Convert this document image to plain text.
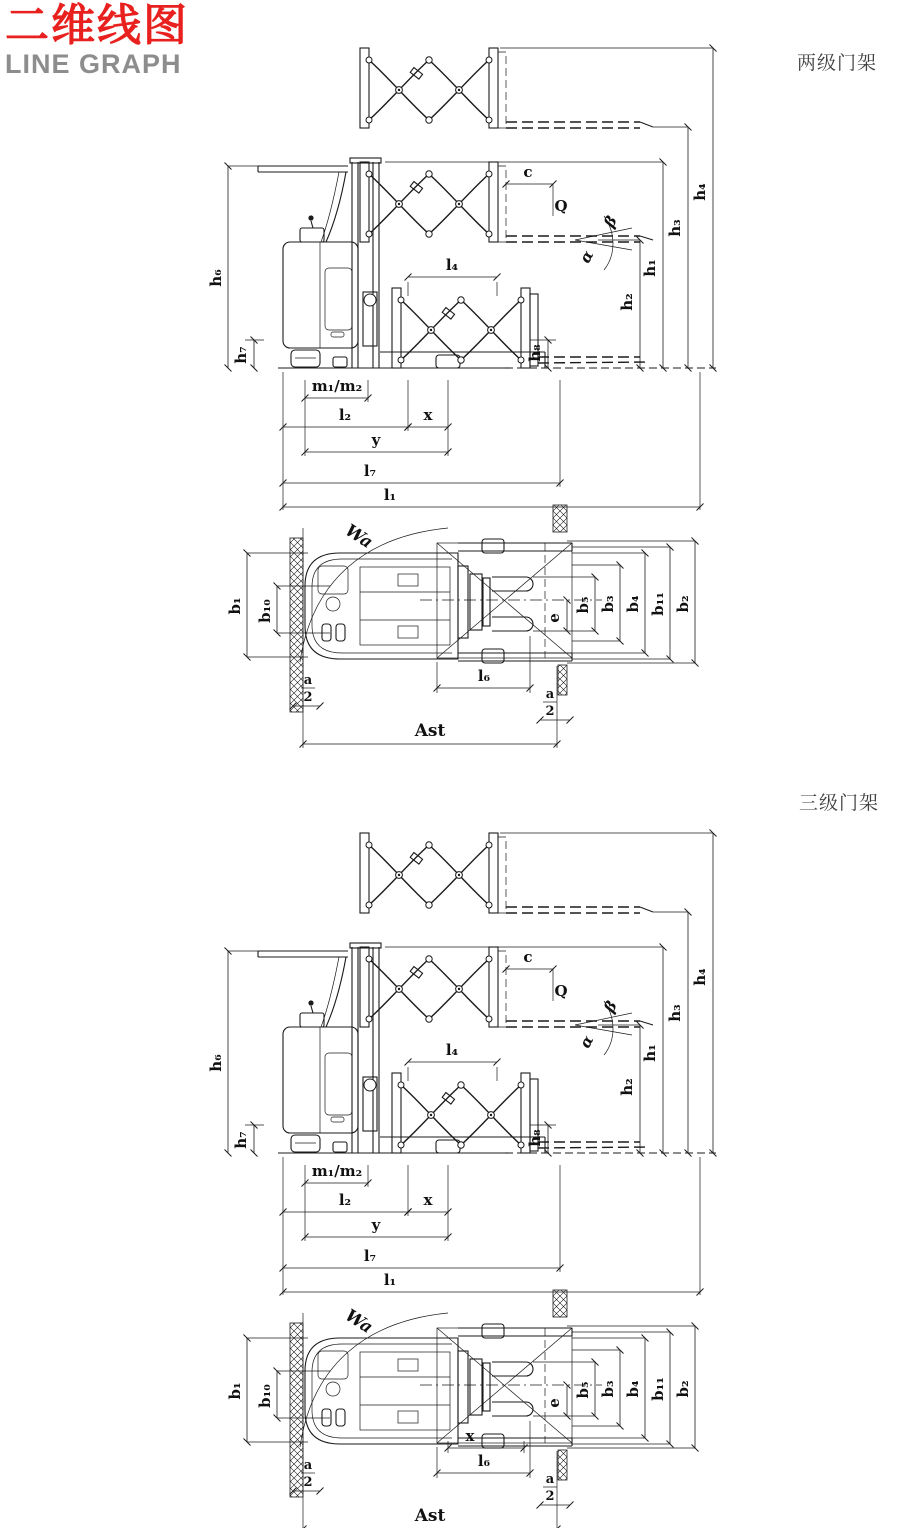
二维线图
LINE GRAPH	两级门架
三级门架
β
α
c
Q
l₄
h₈
h₆
h₇
h₂
h₁
h₃
h₄
m₁/m₂
l₂	x
y
l₇
l₁
Wa
b₁ b₁₀	e
b₅ b₃ b₄ b₁₁ b₂
l₆
a
2	a
2
Ast
x
